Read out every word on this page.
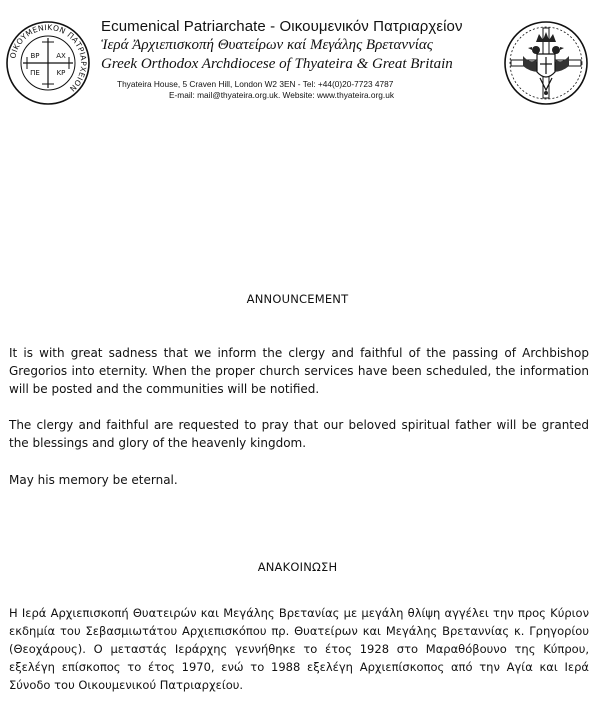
ΟΙΚΟΥΜΕΝΙΚΟΝ ΠΑΤΡΙΑΡΧΕΙΟΝ
ΒΡ ΑΧ
ΠΕ ΚΡ
Ecumenical Patriarchate - Οικουμενικόν Πατριαρχείον
Ἱερά Ἀρχιεπισκοπή Θυατείρων καί Μεγάλης Βρεταννίας
Greek Orthodox Archdiocese of Thyateira & Great Britain
Thyateira House, 5 Craven Hill, London W2 3EN - Tel: +44(0)20-7723 4787
E-mail: mail@thyateira.org.uk. Website: www.thyateira.org.uk
ANNOUNCEMENT
It is with great sadness that we inform the clergy and faithful of the passing of Archbishop Gregorios into eternity. When the proper church services have been scheduled, the information will be posted and the communities will be notified.
The clergy and faithful are requested to pray that our beloved spiritual father will be granted the blessings and glory of the heavenly kingdom.
May his memory be eternal.
ΑΝΑΚΟΙΝΩΣΗ
Η Ιερά Αρχιεπισκοπή Θυατειρών και Μεγάλης Βρετανίας με μεγάλη θλίψη αγγέλει την προς Κύριον εκδημία του Σεβασμιωτάτου Αρχιεπισκόπου πρ. Θυατείρων και Μεγάλης Βρεταννίας κ. Γρηγορίου (Θεοχάρους). Ο μεταστάς Ιεράρχης γεννήθηκε το έτος 1928 στο Μαραθόβουνο της Κύπρου, εξελέγη επίσκοπος το έτος 1970, ενώ το 1988 εξελέγη Αρχιεπίσκοπος από την Αγία και Ιερά Σύνοδο του Οικουμενικού Πατριαρχείου.
